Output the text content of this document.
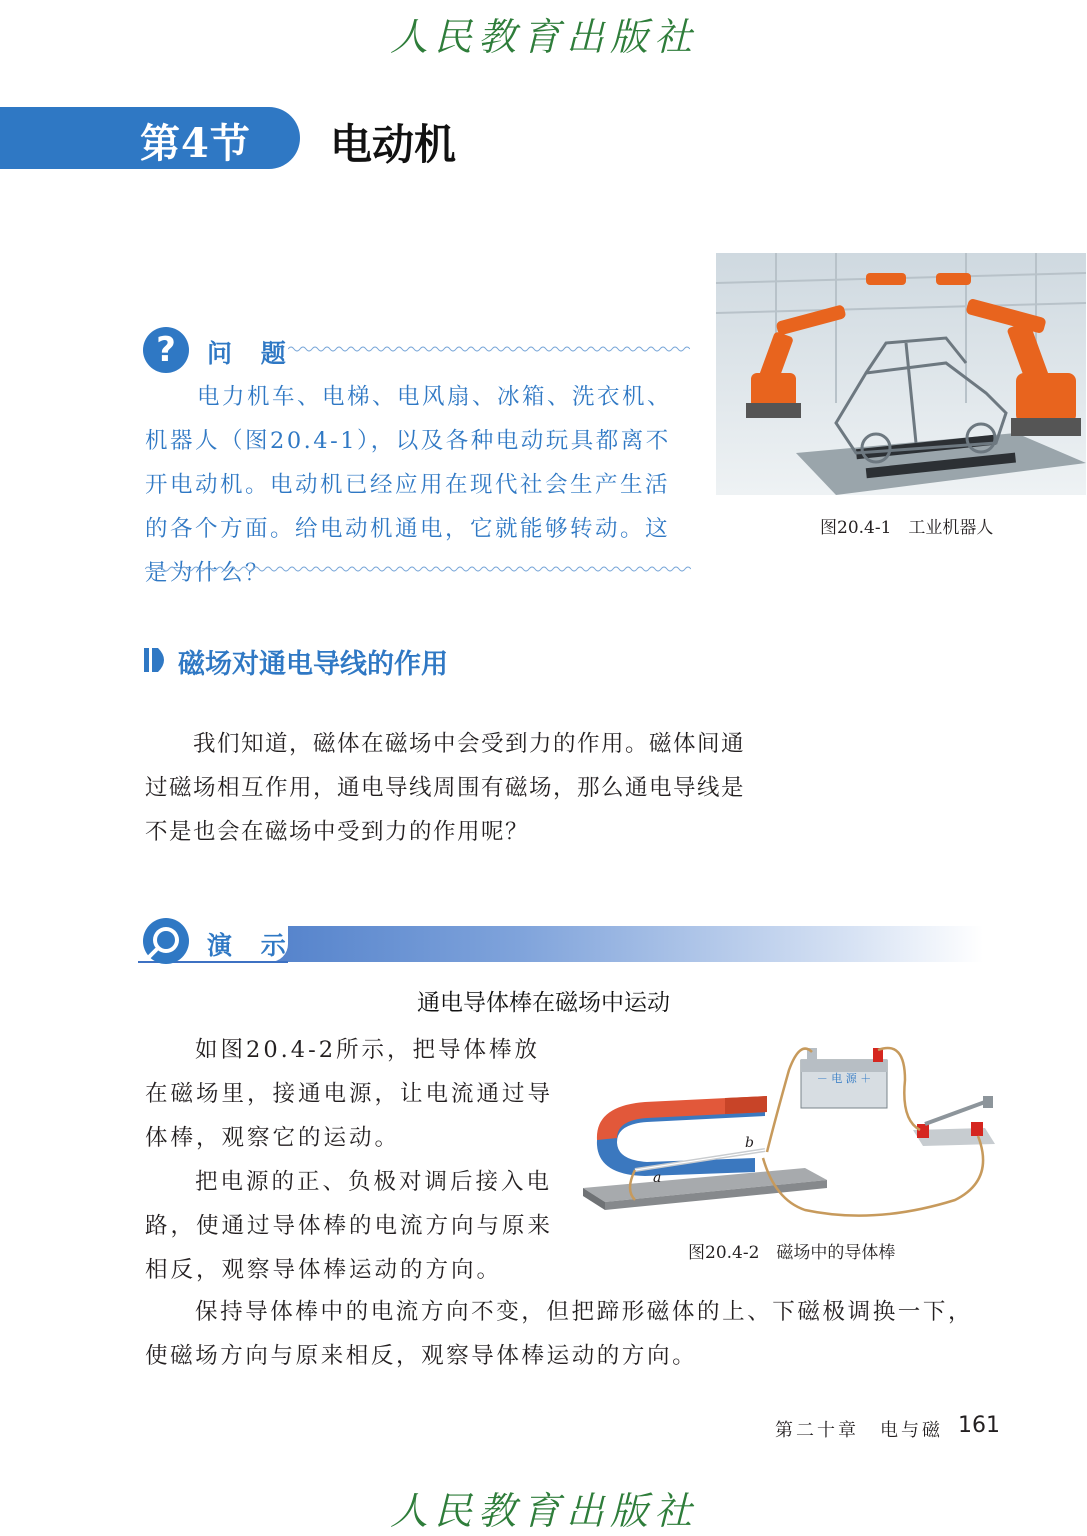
人民教育出版社
第4节 电动机
?	问 题
电力机车、电梯、电风扇、冰箱、洗衣机、机器人（图20.4-1），以及各种电动玩具都离不开电动机。电动机已经应用在现代社会生产生活的各个方面。给电动机通电，它就能够转动。这是为什么？
图20.4-1　工业机器人
磁场对通电导线的作用
我们知道，磁体在磁场中会受到力的作用。磁体间通过磁场相互作用，通电导线周围有磁场，那么通电导线是不是也会在磁场中受到力的作用呢？
演 示
通电导体棒在磁场中运动
如图20.4-2所示，把导体棒放在磁场里，接通电源，让电流通过导体棒，观察它的运动。
把电源的正、负极对调后接入电路，使通过导体棒的电流方向与原来相反，观察导体棒运动的方向。
保持导体棒中的电流方向不变，但把蹄形磁体的上、下磁极调换一下，使磁场方向与原来相反，观察导体棒运动的方向。
a
b
－ 电 源 ＋
图20.4-2　磁场中的导体棒
第二十章　电与磁 161
人民教育出版社
